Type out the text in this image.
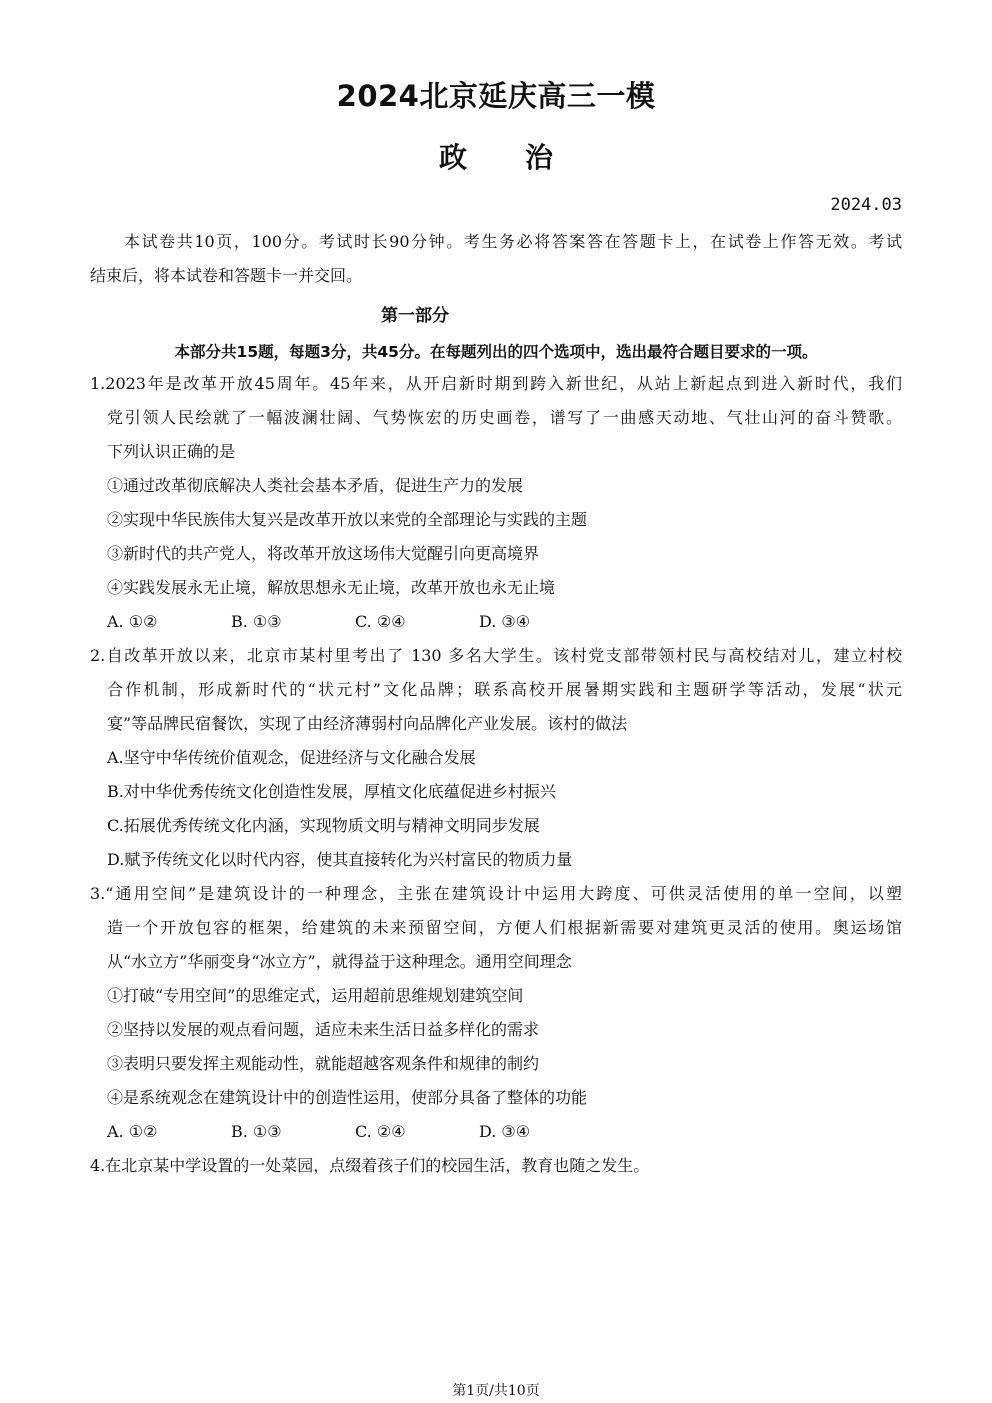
2024北京延庆高三一模
政治
2024.03
本试卷共10页，100分。考试时长90分钟。考生务必将答案答在答题卡上，在试卷上作答无效。考试
结束后，将本试卷和答题卡一并交回。
第一部分
本部分共15题，每题3分，共45分。在每题列出的四个选项中，选出最符合题目要求的一项。
1.2023年是改革开放45周年。45年来，从开启新时期到跨入新世纪，从站上新起点到进入新时代，我们
党引领人民绘就了一幅波澜壮阔、气势恢宏的历史画卷，谱写了一曲感天动地、气壮山河的奋斗赞歌。
下列认识正确的是
①通过改革彻底解决人类社会基本矛盾，促进生产力的发展
②实现中华民族伟大复兴是改革开放以来党的全部理论与实践的主题
③新时代的共产党人，将改革开放这场伟大觉醒引向更高境界
④实践发展永无止境，解放思想永无止境，改革开放也永无止境
A. ①②	B. ①③	C. ②④	D. ③④
2.自改革开放以来，北京市某村里考出了 130 多名大学生。该村党支部带领村民与高校结对儿，建立村校
合作机制，形成新时代的“状元村”文化品牌；联系高校开展暑期实践和主题研学等活动，发展“状元
宴”等品牌民宿餐饮，实现了由经济薄弱村向品牌化产业发展。该村的做法
A.坚守中华传统价值观念，促进经济与文化融合发展
B.对中华优秀传统文化创造性发展，厚植文化底蕴促进乡村振兴
C.拓展优秀传统文化内涵，实现物质文明与精神文明同步发展
D.赋予传统文化以时代内容，使其直接转化为兴村富民的物质力量
3.“通用空间”是建筑设计的一种理念，主张在建筑设计中运用大跨度、可供灵活使用的单一空间，以塑
造一个开放包容的框架，给建筑的未来预留空间，方便人们根据新需要对建筑更灵活的使用。奥运场馆
从“水立方”华丽变身“冰立方”，就得益于这种理念。通用空间理念
①打破“专用空间”的思维定式，运用超前思维规划建筑空间
②坚持以发展的观点看问题，适应未来生活日益多样化的需求
③表明只要发挥主观能动性，就能超越客观条件和规律的制约
④是系统观念在建筑设计中的创造性运用，使部分具备了整体的功能
A. ①②	B. ①③	C. ②④	D. ③④
4.在北京某中学设置的一处菜园，点缀着孩子们的校园生活，教育也随之发生。
第1页/共10页
